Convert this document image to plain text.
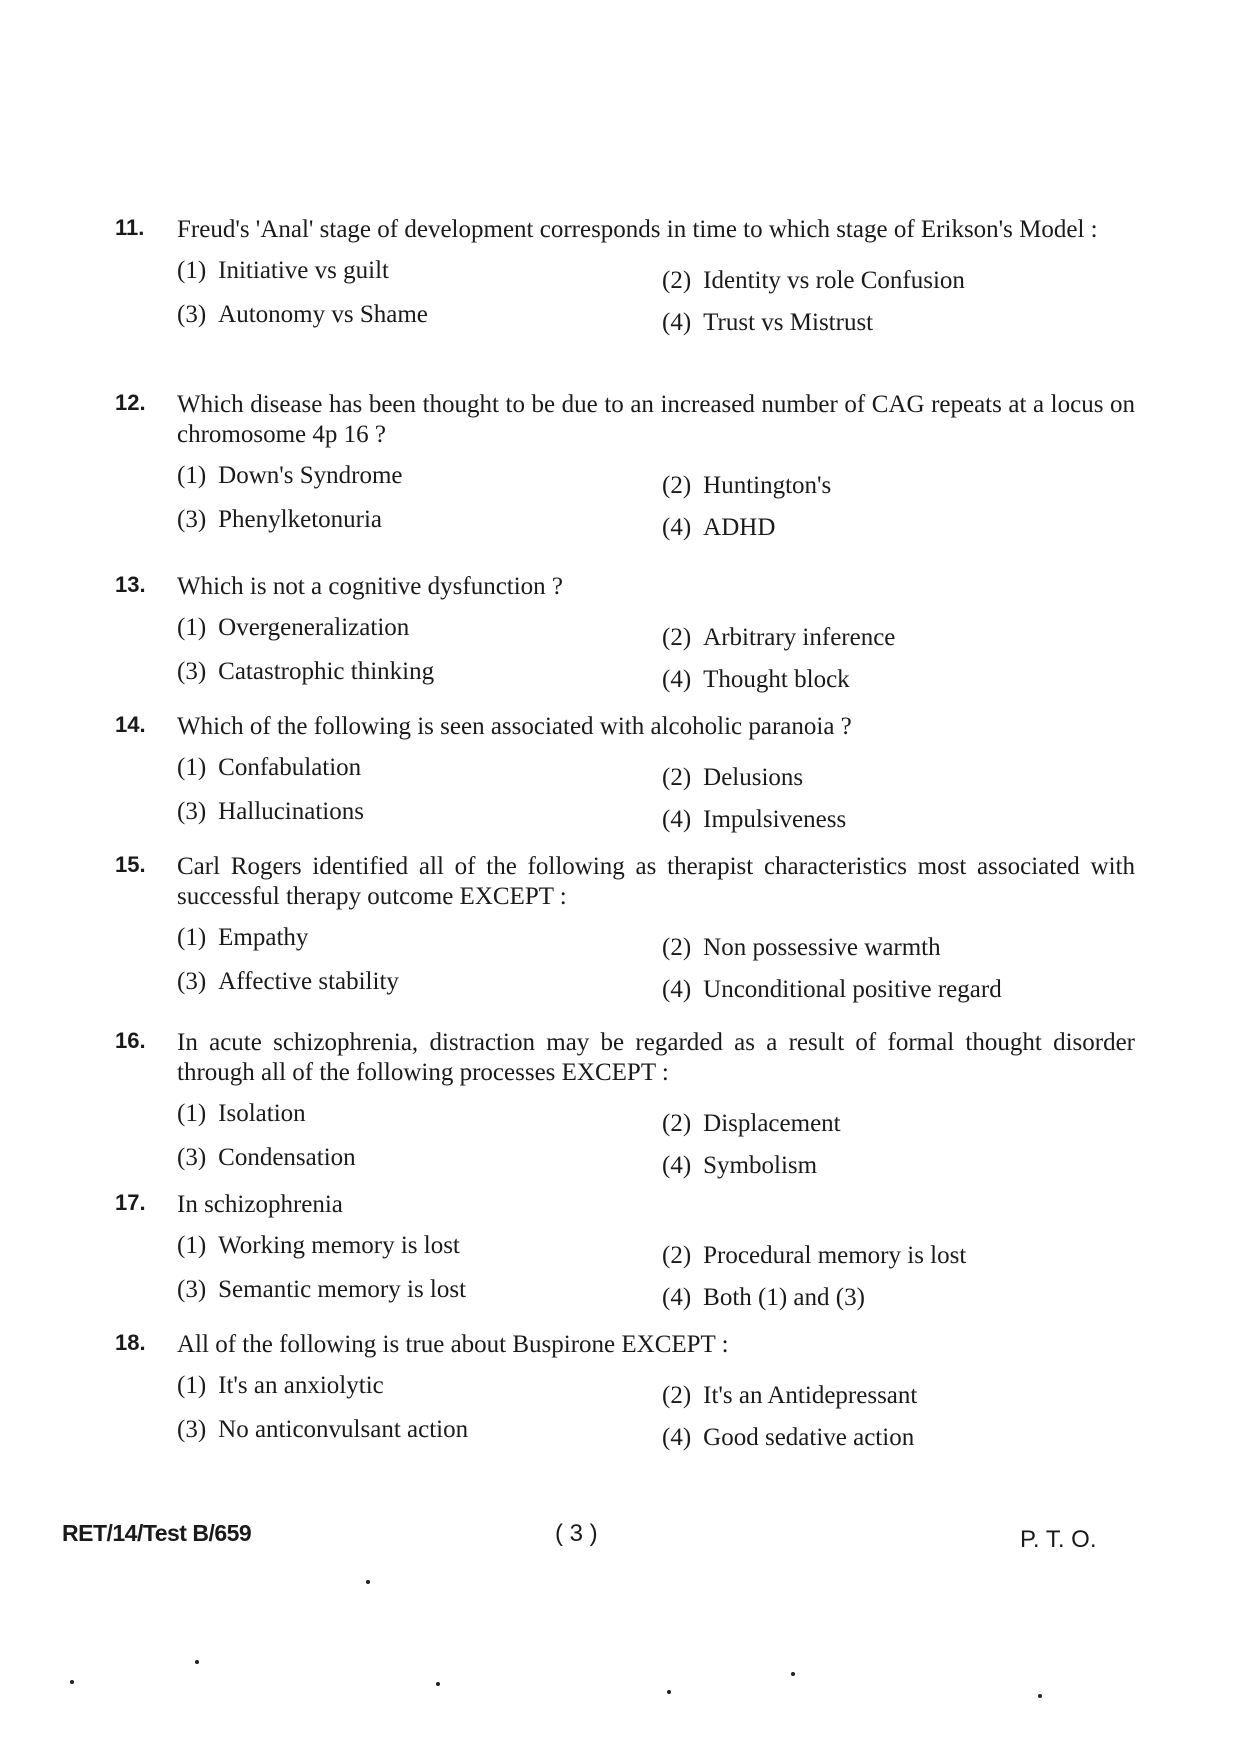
11.	Freud's 'Anal' stage of development corresponds in time to which stage of Erikson's Model :
(1) Initiative vs guilt	(2) Identity vs role Confusion
(3) Autonomy vs Shame	(4) Trust vs Mistrust
12.	Which disease has been thought to be due to an increased number of CAG repeats at a locus on chromosome 4p 16 ?
(1) Down's Syndrome	(2) Huntington's
(3) Phenylketonuria	(4) ADHD
13.	Which is not a cognitive dysfunction ?
(1) Overgeneralization	(2) Arbitrary inference
(3) Catastrophic thinking	(4) Thought block
14.	Which of the following is seen associated with alcoholic paranoia ?
(1) Confabulation	(2) Delusions
(3) Hallucinations	(4) Impulsiveness
15.	Carl Rogers identified all of the following as therapist characteristics most associated with successful therapy outcome EXCEPT :
(1) Empathy	(2) Non possessive warmth
(3) Affective stability	(4) Unconditional positive regard
16.	In acute schizophrenia, distraction may be regarded as a result of formal thought disorder through all of the following processes EXCEPT :
(1) Isolation	(2) Displacement
(3) Condensation	(4) Symbolism
17.	In schizophrenia
(1) Working memory is lost	(2) Procedural memory is lost
(3) Semantic memory is lost	(4) Both (1) and (3)
18.	All of the following is true about Buspirone EXCEPT :
(1) It's an anxiolytic	(2) It's an Antidepressant
(3) No anticonvulsant action	(4) Good sedative action
RET/14/Test B/659	( 3 )	P. T. O.
